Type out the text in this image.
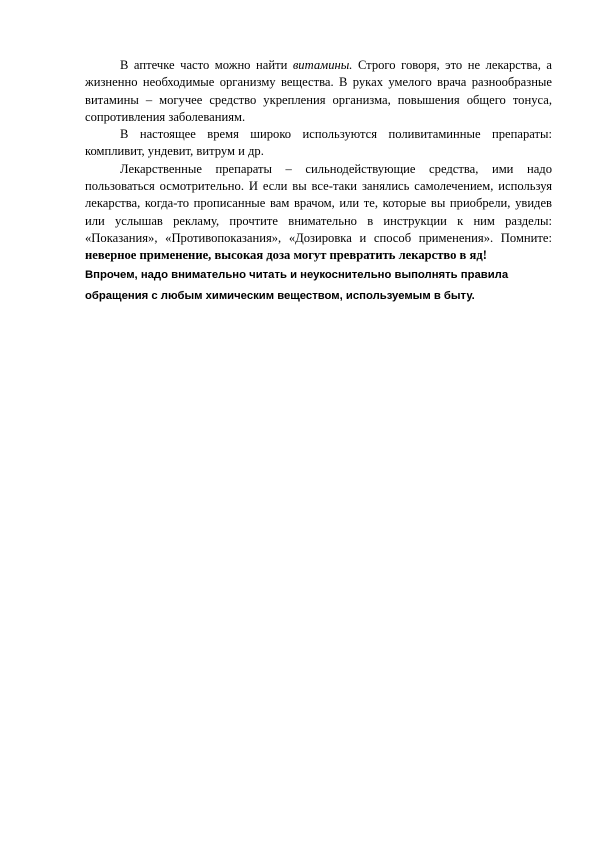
В аптечке часто можно найти витамины. Строго говоря, это не лекарства, а жизненно необходимые организму вещества. В руках умелого врача разнообразные витамины – могучее средство укрепления организма, повышения общего тонуса, сопротивления заболеваниям.

В настоящее время широко используются поливитаминные препараты: компливит, ундевит, витрум и др.

Лекарственные препараты – сильнодействующие средства, ими надо пользоваться осмотрительно. И если вы все-таки занялись самолечением, используя лекарства, когда-то прописанные вам врачом, или те, которые вы приобрели, увидев или услышав рекламу, прочтите внимательно в инструкции к ним разделы: «Показания», «Противопоказания», «Дозировка и способ применения». Помните: неверное применение, высокая доза могут превратить лекарство в яд!

Впрочем, надо внимательно читать и неукоснительно выполнять правила

обращения с любым химическим веществом, используемым в быту.
